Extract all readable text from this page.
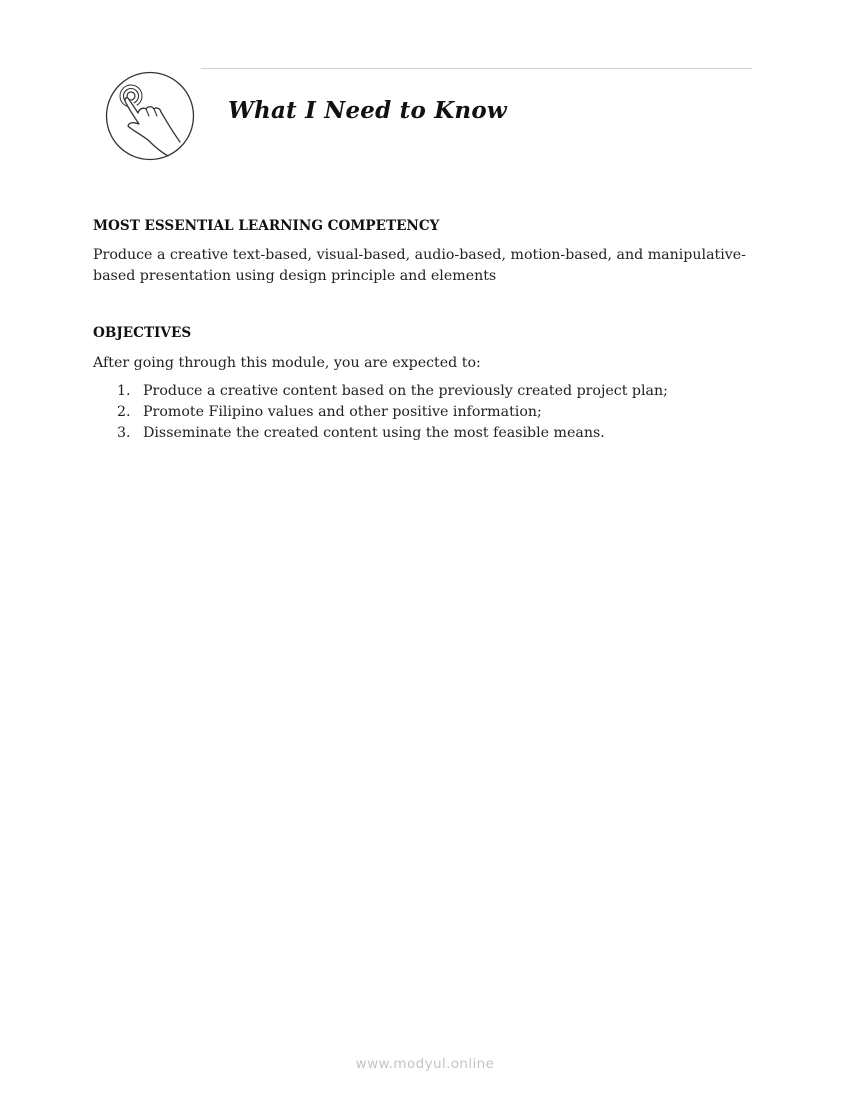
What I Need to Know
MOST ESSENTIAL LEARNING COMPETENCY

Produce a creative text-based, visual-based, audio-based, motion-based, and manipulative-based presentation using design principle and elements

OBJECTIVES

After going through this module, you are expected to:

1. Produce a creative content based on the previously created project plan;
2. Promote Filipino values and other positive information;
3. Disseminate the created content using the most feasible means.
www.modyul.online
